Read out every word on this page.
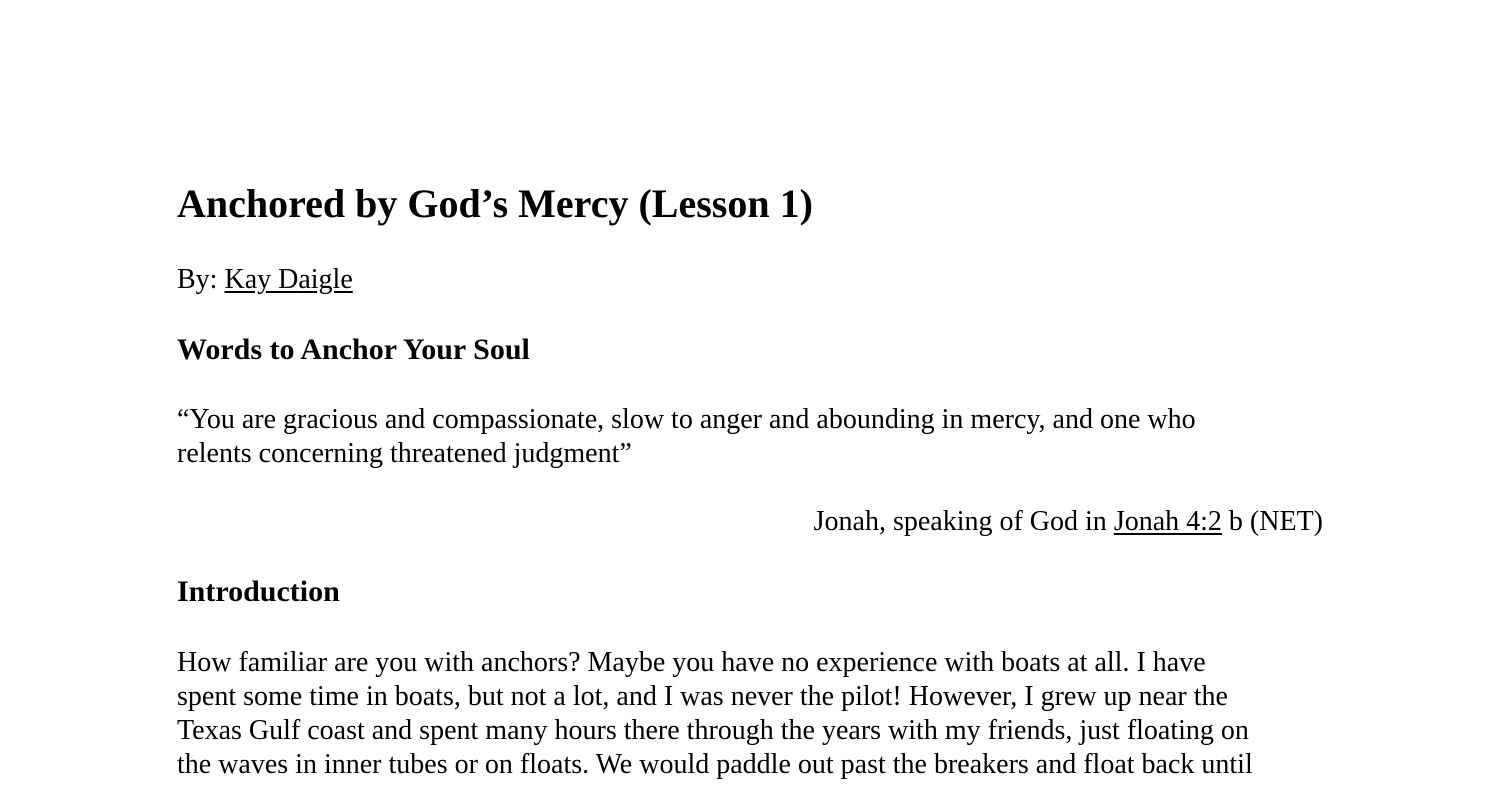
Anchored by God’s Mercy (Lesson 1)
By: Kay Daigle
Words to Anchor Your Soul
“You are gracious and compassionate, slow to anger and abounding in mercy, and one who
relents concerning threatened judgment”
Jonah, speaking of God in Jonah 4:2 b (NET)
Introduction
How familiar are you with anchors? Maybe you have no experience with boats at all. I have
spent some time in boats, but not a lot, and I was never the pilot! However, I grew up near the
Texas Gulf coast and spent many hours there through the years with my friends, just floating on
the waves in inner tubes or on floats. We would paddle out past the breakers and float back until
